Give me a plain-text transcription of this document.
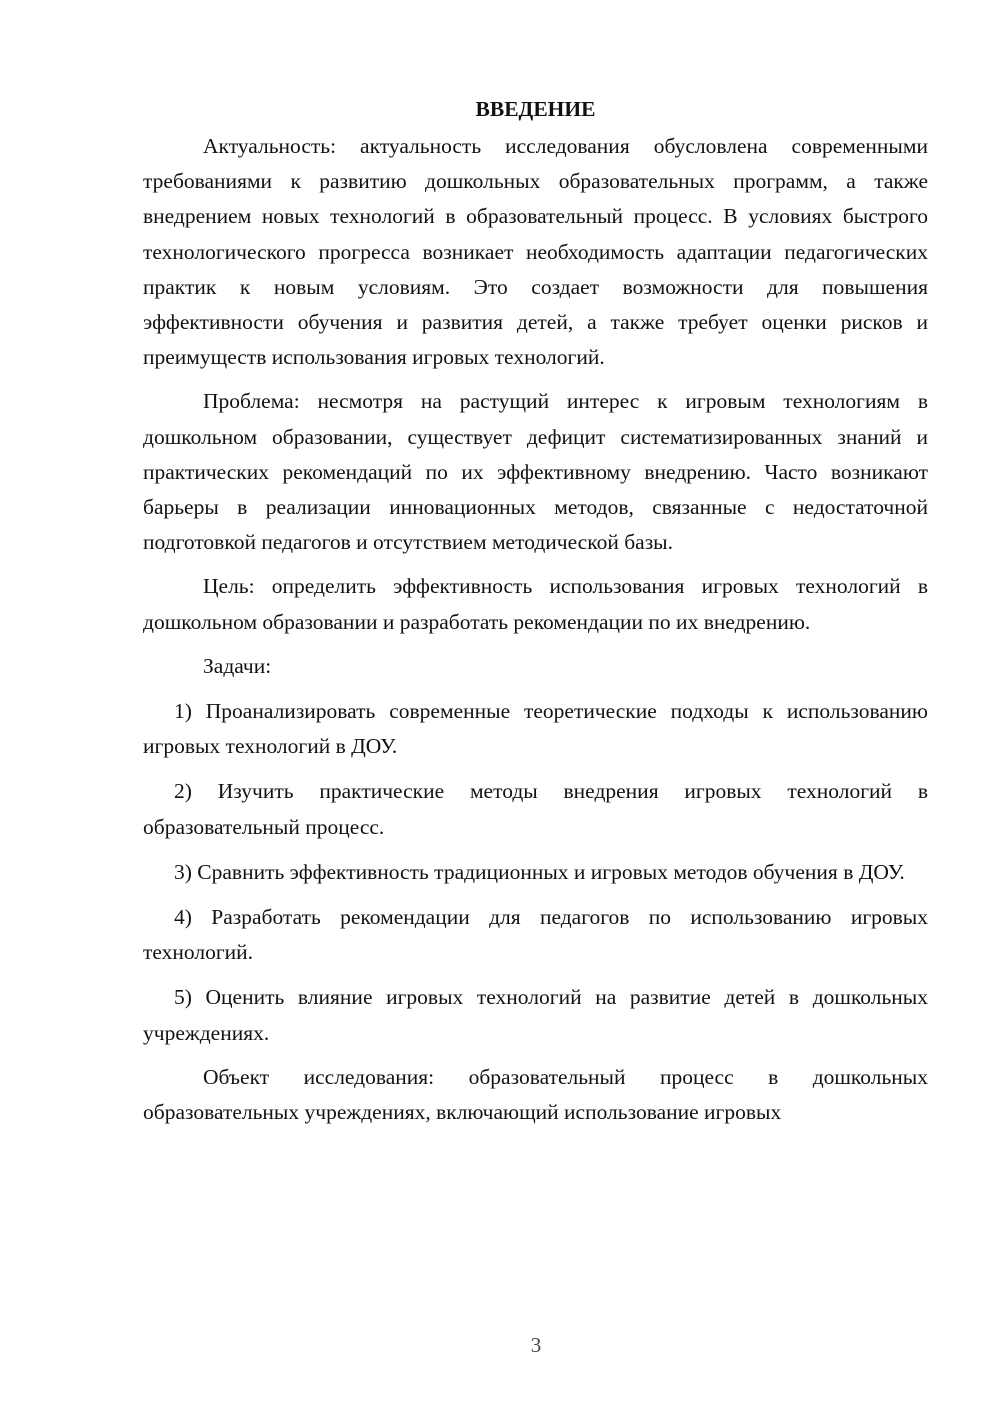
ВВЕДЕНИЕ

Актуальность: актуальность исследования обусловлена современными требованиями к развитию дошкольных образовательных программ, а также внедрением новых технологий в образовательный процесс. В условиях быстрого технологического прогресса возникает необходимость адаптации педагогических практик к новым условиям. Это создает возможности для повышения эффективности обучения и развития детей, а также требует оценки рисков и преимуществ использования игровых технологий.

Проблема: несмотря на растущий интерес к игровым технологиям в дошкольном образовании, существует дефицит систематизированных знаний и практических рекомендаций по их эффективному внедрению. Часто возникают барьеры в реализации инновационных методов, связанные с недостаточной подготовкой педагогов и отсутствием методической базы.

Цель: определить эффективность использования игровых технологий в дошкольном образовании и разработать рекомендации по их внедрению.

Задачи:

1) Проанализировать современные теоретические подходы к использованию игровых технологий в ДОУ.
2) Изучить практические методы внедрения игровых технологий в образовательный процесс.
3) Сравнить эффективность традиционных и игровых методов обучения в ДОУ.
4) Разработать рекомендации для педагогов по использованию игровых технологий.
5) Оценить влияние игровых технологий на развитие детей в дошкольных учреждениях.

Объект исследования: образовательный процесс в дошкольных образовательных учреждениях, включающий использование игровых

3
